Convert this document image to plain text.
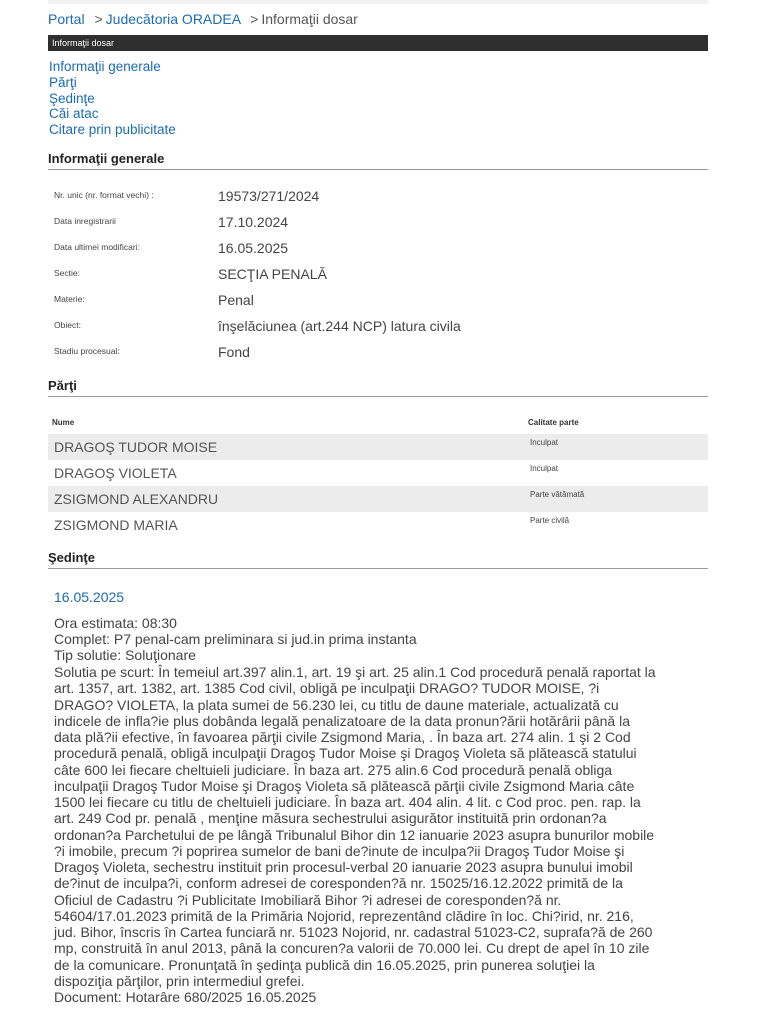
Portal > Judecătoria ORADEA > Informaţii dosar
Informaţii dosar
Informaţii generale
Părţi
Şedinţe
Căi atac
Citare prin publicitate
Informaţii generale
Nr. unic (nr. format vechi) :	19573/271/2024
Data inregistrarii	17.10.2024
Data ultimei modificari:	16.05.2025
Sectie:	SECŢIA PENALĂ
Materie:	Penal
Obiect:	înşelăciunea (art.244 NCP) latura civila
Stadiu procesual:	Fond
Părţi
Nume	Calitate parte
DRAGOŞ TUDOR MOISE	Inculpat
DRAGOŞ VIOLETA	Inculpat
ZSIGMOND ALEXANDRU	Parte vătămată
ZSIGMOND MARIA	Parte civilă
Şedinţe
16.05.2025
Ora estimata: 08:30
Complet: P7 penal-cam preliminara si jud.in prima instanta
Tip solutie: Soluţionare
Solutia pe scurt: În temeiul art.397 alin.1, art. 19 şi art. 25 alin.1 Cod procedură penală raportat la
art. 1357, art. 1382, art. 1385 Cod civil, obligă pe inculpaţii DRAGO? TUDOR MOISE, ?i
DRAGO? VIOLETA, la plata sumei de 56.230 lei, cu titlu de daune materiale, actualizată cu
indicele de infla?ie plus dobânda legală penalizatoare de la data pronun?ării hotărârii până la
data plă?ii efective, în favoarea părţii civile Zsigmond Maria, . În baza art. 274 alin. 1 şi 2 Cod
procedură penală, obligă inculpaţii Dragoş Tudor Moise şi Dragoş Violeta să plătească statului
câte 600 lei fiecare cheltuieli judiciare. În baza art. 275 alin.6 Cod procedură penală obliga
inculpaţii Dragoş Tudor Moise şi Dragoş Violeta să plătească părţii civile Zsigmond Maria câte
1500 lei fiecare cu titlu de cheltuieli judiciare. În baza art. 404 alin. 4 lit. c Cod proc. pen. rap. la
art. 249 Cod pr. penală , menţine măsura sechestrului asigurător instituită prin ordonan?a
ordonan?a Parchetului de pe lângă Tribunalul Bihor din 12 ianuarie 2023 asupra bunurilor mobile
?i imobile, precum ?i poprirea sumelor de bani de?inute de inculpa?ii Dragoş Tudor Moise şi
Dragoş Violeta, sechestru instituit prin procesul-verbal 20 ianuarie 2023 asupra bunului imobil
de?inut de inculpa?i, conform adresei de coresponden?ă nr. 15025/16.12.2022 primită de la
Oficiul de Cadastru ?i Publicitate Imobiliară Bihor ?i adresei de coresponden?ă nr.
54604/17.01.2023 primită de la Primăria Nojorid, reprezentând clădire în loc. Chi?irid, nr. 216,
jud. Bihor, înscris în Cartea funciară nr. 51023 Nojorid, nr. cadastral 51023-C2, suprafa?ă de 260
mp, construită în anul 2013, până la concuren?a valorii de 70.000 lei. Cu drept de apel în 10 zile
de la comunicare. Pronunţată în şedinţa publică din 16.05.2025, prin punerea soluţiei la
dispoziţia părţilor, prin intermediul grefei.
Document: Hotarâre 680/2025 16.05.2025
